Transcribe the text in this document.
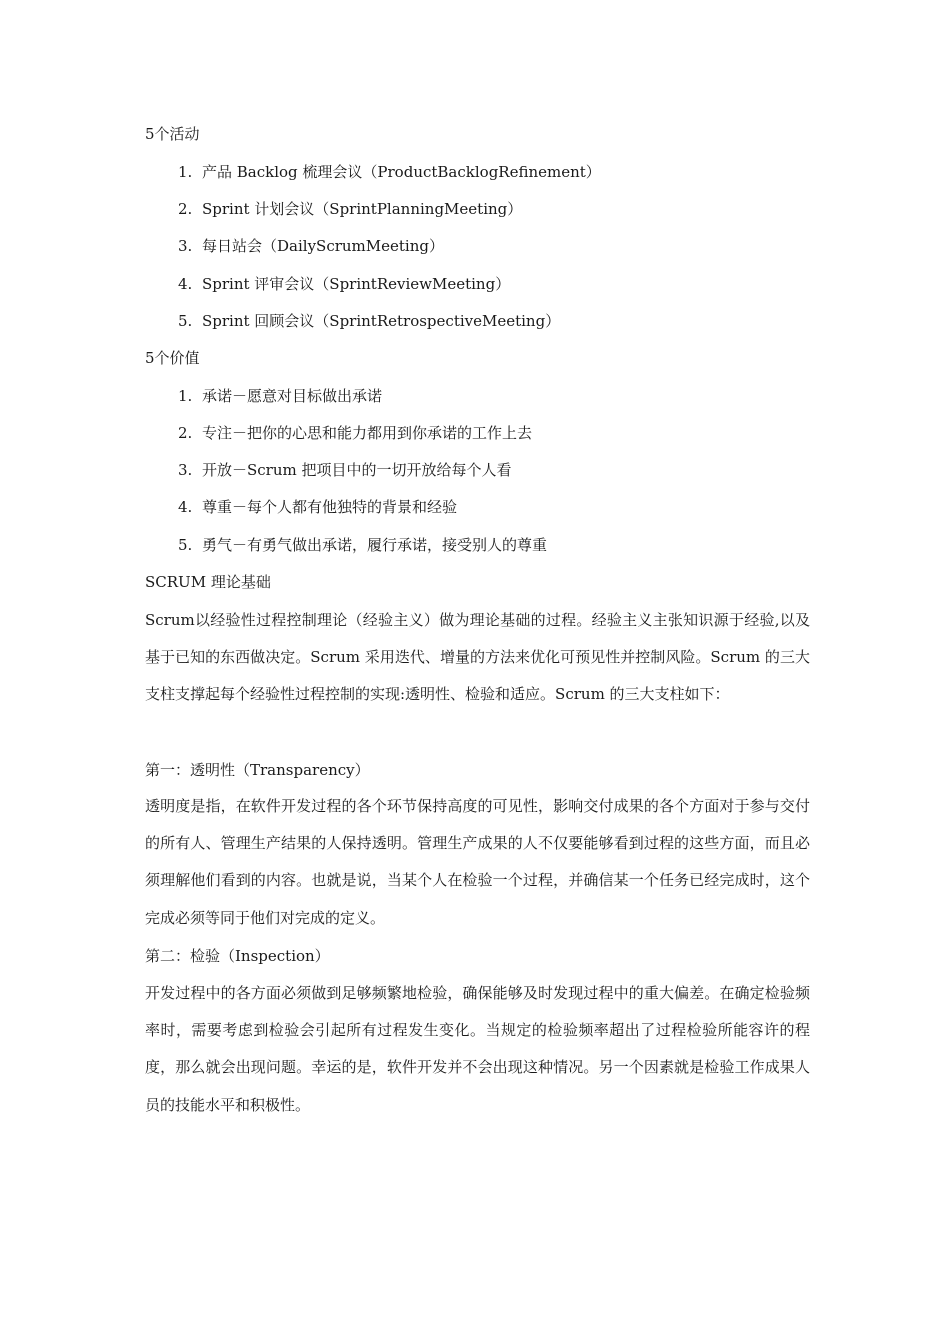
5个活动
1. 产品 Backlog 梳理会议（ProductBacklogRefinement）
2. Sprint 计划会议（SprintPlanningMeeting）
3. 每日站会（DailyScrumMeeting）
4. Sprint 评审会议（SprintReviewMeeting）
5. Sprint 回顾会议（SprintRetrospectiveMeeting）
5个价值
1. 承诺－愿意对目标做出承诺
2. 专注－把你的心思和能力都用到你承诺的工作上去
3. 开放－Scrum 把项目中的一切开放给每个人看
4. 尊重－每个人都有他独特的背景和经验
5. 勇气－有勇气做出承诺，履行承诺，接受别人的尊重
SCRUM 理论基础
Scrum以经验性过程控制理论（经验主义）做为理论基础的过程。经验主义主张知识源于经验,以及基于已知的东西做决定。Scrum 采用迭代、增量的方法来优化可预见性并控制风险。Scrum 的三大支柱支撑起每个经验性过程控制的实现:透明性、检验和适应。Scrum 的三大支柱如下：
第一：透明性（Transparency）
透明度是指，在软件开发过程的各个环节保持高度的可见性，影响交付成果的各个方面对于参与交付的所有人、管理生产结果的人保持透明。管理生产成果的人不仅要能够看到过程的这些方面，而且必须理解他们看到的内容。也就是说，当某个人在检验一个过程，并确信某一个任务已经完成时，这个完成必须等同于他们对完成的定义。
第二：检验（Inspection）
开发过程中的各方面必须做到足够频繁地检验，确保能够及时发现过程中的重大偏差。在确定检验频率时，需要考虑到检验会引起所有过程发生变化。当规定的检验频率超出了过程检验所能容许的程度，那么就会出现问题。幸运的是，软件开发并不会出现这种情况。另一个因素就是检验工作成果人员的技能水平和积极性。
